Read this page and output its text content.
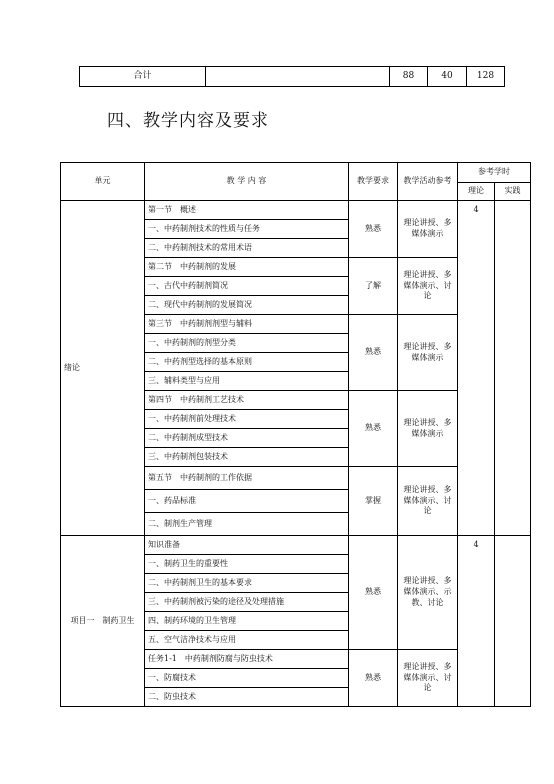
合计		88	40	128
四、教学内容及要求
单元	教 学 内 容	教学要求	教学活动参考	参考学时	
				理论	实践
绪论	第一节　概述	熟悉	理论讲授、多媒体演示	4	
	一、中药制剂技术的性质与任务				
	二、中药制剂技术的常用术语				
	第二节　中药制剂的发展	了解	理论讲授、多媒体演示、讨论		
	一、古代中药制剂简况				
	二、现代中药制剂的发展简况				
	第三节　中药制剂剂型与辅料	熟悉	理论讲授、多媒体演示		
	一、中药制剂的剂型分类				
	二、中药剂型选择的基本原则				
	三、辅料类型与应用				
	第四节　中药制剂工艺技术	熟悉	理论讲授、多媒体演示		
	一、中药制剂前处理技术				
	二、中药制剂成型技术				
	三、中药制剂包装技术				
	第五节　中药制剂的工作依据	掌握	理论讲授、多媒体演示、讨论		
	一、药品标准				
	二、制剂生产管理				
项目一　制药卫生	知识准备	熟悉	理论讲授、多媒体演示、示教、讨论	4	
	一、制药卫生的重要性				
	二、中药制剂卫生的基本要求				
	三、中药制剂被污染的途径及处理措施				
	四、制药环境的卫生管理				
	五、空气洁净技术与应用				
	任务1-1　中药制剂防腐与防虫技术	熟悉	理论讲授、多媒体演示、讨论		
	一、防腐技术				
	二、防虫技术				
